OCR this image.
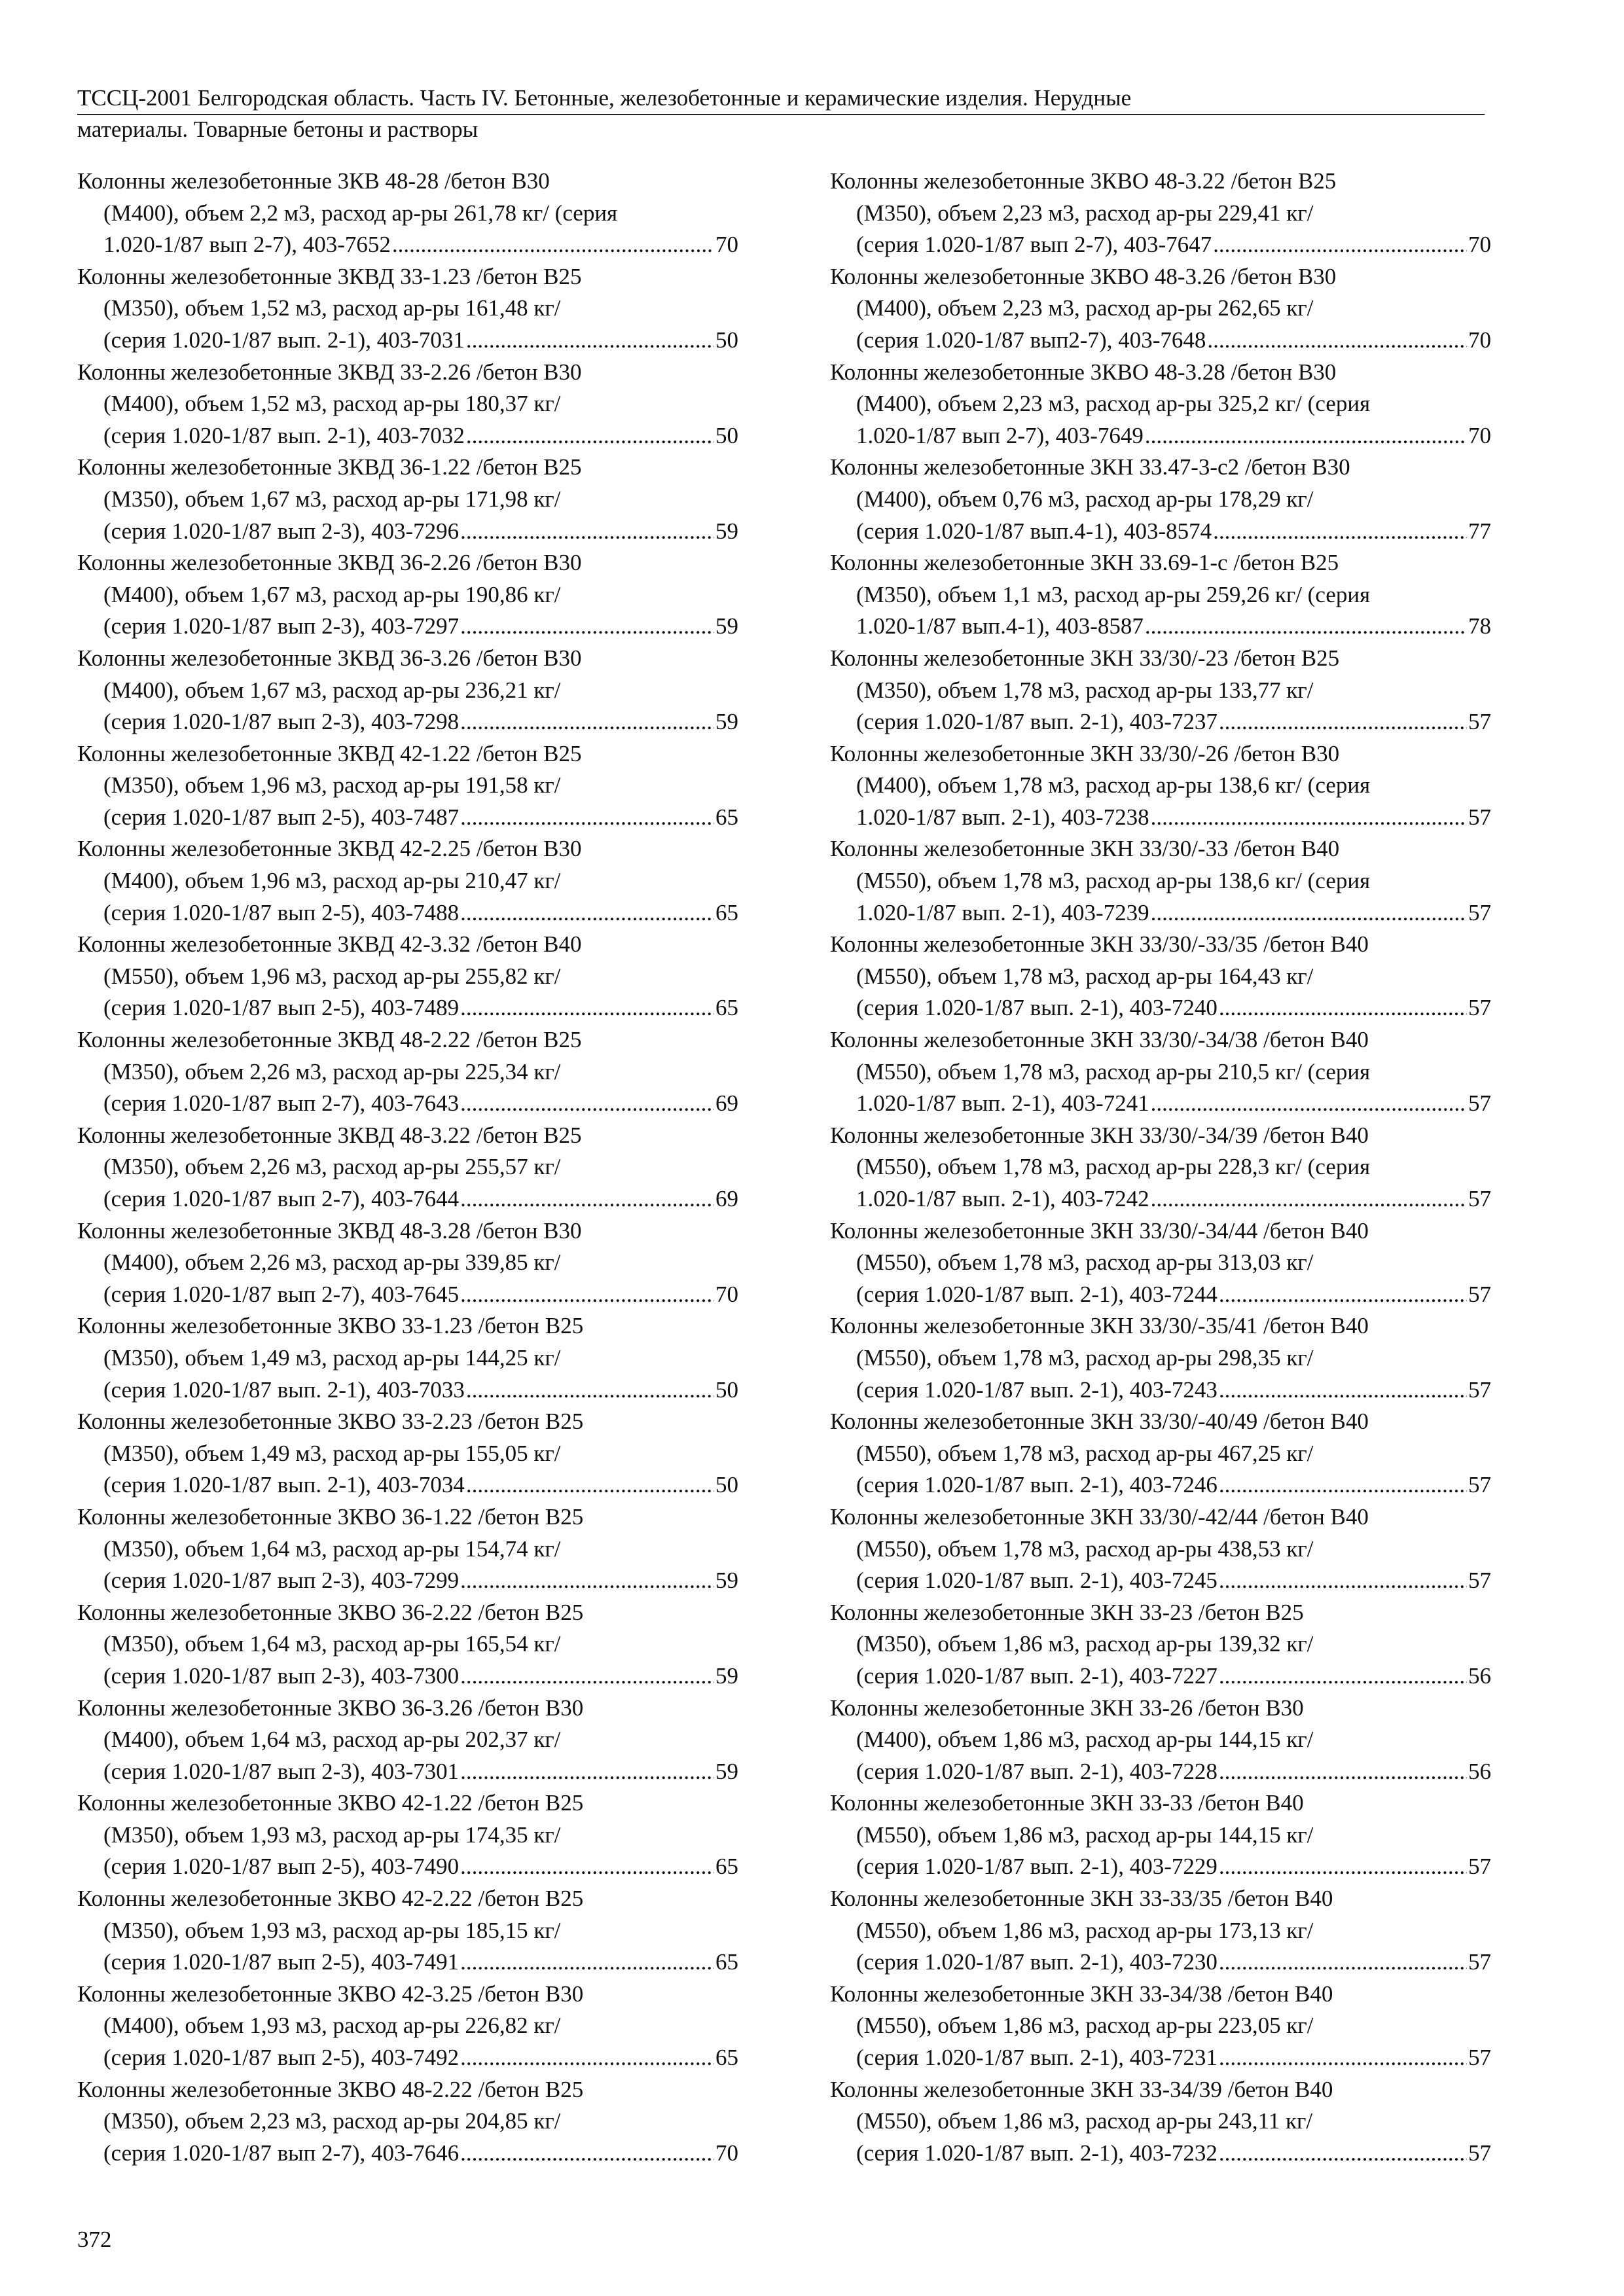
ТССЦ-2001 Белгородская область. Часть IV. Бетонные, железобетонные и керамические изделия. Нерудные
материалы. Товарные бетоны и растворы
Колонны железобетонные 3КВ 48-28 /бетон В30
(М400), объем 2,2 м3, расход ар-ры 261,78 кг/ (серия
1.020-1/87 вып 2-7), 403-7652 .....	70
Колонны железобетонные 3КВД 33-1.23 /бетон В25
(М350), объем 1,52 м3, расход ар-ры 161,48 кг/
(серия 1.020-1/87 вып. 2-1), 403-7031 .....	50
Колонны железобетонные 3КВД 33-2.26 /бетон В30
(М400), объем 1,52 м3, расход ар-ры 180,37 кг/
(серия 1.020-1/87 вып. 2-1), 403-7032 .....	50
Колонны железобетонные 3КВД 36-1.22 /бетон В25
(М350), объем 1,67 м3, расход ар-ры 171,98 кг/
(серия 1.020-1/87 вып 2-3), 403-7296 .....	59
Колонны железобетонные 3КВД 36-2.26 /бетон В30
(М400), объем 1,67 м3, расход ар-ры 190,86 кг/
(серия 1.020-1/87 вып 2-3), 403-7297 .....	59
Колонны железобетонные 3КВД 36-3.26 /бетон В30
(М400), объем 1,67 м3, расход ар-ры 236,21 кг/
(серия 1.020-1/87 вып 2-3), 403-7298 .....	59
Колонны железобетонные 3КВД 42-1.22 /бетон В25
(М350), объем 1,96 м3, расход ар-ры 191,58 кг/
(серия 1.020-1/87 вып 2-5), 403-7487 .....	65
Колонны железобетонные 3КВД 42-2.25 /бетон В30
(М400), объем 1,96 м3, расход ар-ры 210,47 кг/
(серия 1.020-1/87 вып 2-5), 403-7488 .....	65
Колонны железобетонные 3КВД 42-3.32 /бетон В40
(М550), объем 1,96 м3, расход ар-ры 255,82 кг/
(серия 1.020-1/87 вып 2-5), 403-7489 .....	65
Колонны железобетонные 3КВД 48-2.22 /бетон В25
(М350), объем 2,26 м3, расход ар-ры 225,34 кг/
(серия 1.020-1/87 вып 2-7), 403-7643 .....	69
Колонны железобетонные 3КВД 48-3.22 /бетон В25
(М350), объем 2,26 м3, расход ар-ры 255,57 кг/
(серия 1.020-1/87 вып 2-7), 403-7644 .....	69
Колонны железобетонные 3КВД 48-3.28 /бетон В30
(М400), объем 2,26 м3, расход ар-ры 339,85 кг/
(серия 1.020-1/87 вып 2-7), 403-7645 .....	70
Колонны железобетонные 3КВО 33-1.23 /бетон В25
(М350), объем 1,49 м3, расход ар-ры 144,25 кг/
(серия 1.020-1/87 вып. 2-1), 403-7033 .....	50
Колонны железобетонные 3КВО 33-2.23 /бетон В25
(М350), объем 1,49 м3, расход ар-ры 155,05 кг/
(серия 1.020-1/87 вып. 2-1), 403-7034 .....	50
Колонны железобетонные 3КВО 36-1.22 /бетон В25
(М350), объем 1,64 м3, расход ар-ры 154,74 кг/
(серия 1.020-1/87 вып 2-3), 403-7299 .....	59
Колонны железобетонные 3КВО 36-2.22 /бетон В25
(М350), объем 1,64 м3, расход ар-ры 165,54 кг/
(серия 1.020-1/87 вып 2-3), 403-7300 .....	59
Колонны железобетонные 3КВО 36-3.26 /бетон В30
(М400), объем 1,64 м3, расход ар-ры 202,37 кг/
(серия 1.020-1/87 вып 2-3), 403-7301 .....	59
Колонны железобетонные 3КВО 42-1.22 /бетон В25
(М350), объем 1,93 м3, расход ар-ры 174,35 кг/
(серия 1.020-1/87 вып 2-5), 403-7490 .....	65
Колонны железобетонные 3КВО 42-2.22 /бетон В25
(М350), объем 1,93 м3, расход ар-ры 185,15 кг/
(серия 1.020-1/87 вып 2-5), 403-7491 .....	65
Колонны железобетонные 3КВО 42-3.25 /бетон В30
(М400), объем 1,93 м3, расход ар-ры 226,82 кг/
(серия 1.020-1/87 вып 2-5), 403-7492 .....	65
Колонны железобетонные 3КВО 48-2.22 /бетон В25
(М350), объем 2,23 м3, расход ар-ры 204,85 кг/
(серия 1.020-1/87 вып 2-7), 403-7646 .....	70
Колонны железобетонные 3КВО 48-3.22 /бетон В25
(М350), объем 2,23 м3, расход ар-ры 229,41 кг/
(серия 1.020-1/87 вып 2-7), 403-7647 .....	70
Колонны железобетонные 3КВО 48-3.26 /бетон В30
(М400), объем 2,23 м3, расход ар-ры 262,65 кг/
(серия 1.020-1/87 вып2-7), 403-7648 .....	70
Колонны железобетонные 3КВО 48-3.28 /бетон В30
(М400), объем 2,23 м3, расход ар-ры 325,2 кг/ (серия
1.020-1/87 вып 2-7), 403-7649 .....	70
Колонны железобетонные 3КН 33.47-3-с2 /бетон В30
(М400), объем 0,76 м3, расход ар-ры 178,29 кг/
(серия 1.020-1/87 вып.4-1), 403-8574 .....	77
Колонны железобетонные 3КН 33.69-1-с /бетон В25
(М350), объем 1,1 м3, расход ар-ры 259,26 кг/ (серия
1.020-1/87 вып.4-1), 403-8587 .....	78
Колонны железобетонные 3КН 33/30/-23 /бетон В25
(М350), объем 1,78 м3, расход ар-ры 133,77 кг/
(серия 1.020-1/87 вып. 2-1), 403-7237 .....	57
Колонны железобетонные 3КН 33/30/-26 /бетон В30
(М400), объем 1,78 м3, расход ар-ры 138,6 кг/ (серия
1.020-1/87 вып. 2-1), 403-7238 .....	57
Колонны железобетонные 3КН 33/30/-33 /бетон В40
(М550), объем 1,78 м3, расход ар-ры 138,6 кг/ (серия
1.020-1/87 вып. 2-1), 403-7239 .....	57
Колонны железобетонные 3КН 33/30/-33/35 /бетон В40
(М550), объем 1,78 м3, расход ар-ры 164,43 кг/
(серия 1.020-1/87 вып. 2-1), 403-7240 .....	57
Колонны железобетонные 3КН 33/30/-34/38 /бетон В40
(М550), объем 1,78 м3, расход ар-ры 210,5 кг/ (серия
1.020-1/87 вып. 2-1), 403-7241 .....	57
Колонны железобетонные 3КН 33/30/-34/39 /бетон В40
(М550), объем 1,78 м3, расход ар-ры 228,3 кг/ (серия
1.020-1/87 вып. 2-1), 403-7242 .....	57
Колонны железобетонные 3КН 33/30/-34/44 /бетон В40
(М550), объем 1,78 м3, расход ар-ры 313,03 кг/
(серия 1.020-1/87 вып. 2-1), 403-7244 .....	57
Колонны железобетонные 3КН 33/30/-35/41 /бетон В40
(М550), объем 1,78 м3, расход ар-ры 298,35 кг/
(серия 1.020-1/87 вып. 2-1), 403-7243 .....	57
Колонны железобетонные 3КН 33/30/-40/49 /бетон В40
(М550), объем 1,78 м3, расход ар-ры 467,25 кг/
(серия 1.020-1/87 вып. 2-1), 403-7246 .....	57
Колонны железобетонные 3КН 33/30/-42/44 /бетон В40
(М550), объем 1,78 м3, расход ар-ры 438,53 кг/
(серия 1.020-1/87 вып. 2-1), 403-7245 .....	57
Колонны железобетонные 3КН 33-23 /бетон В25
(М350), объем 1,86 м3, расход ар-ры 139,32 кг/
(серия 1.020-1/87 вып. 2-1), 403-7227 .....	56
Колонны железобетонные 3КН 33-26 /бетон В30
(М400), объем 1,86 м3, расход ар-ры 144,15 кг/
(серия 1.020-1/87 вып. 2-1), 403-7228 .....	56
Колонны железобетонные 3КН 33-33 /бетон В40
(М550), объем 1,86 м3, расход ар-ры 144,15 кг/
(серия 1.020-1/87 вып. 2-1), 403-7229 .....	57
Колонны железобетонные 3КН 33-33/35 /бетон В40
(М550), объем 1,86 м3, расход ар-ры 173,13 кг/
(серия 1.020-1/87 вып. 2-1), 403-7230 .....	57
Колонны железобетонные 3КН 33-34/38 /бетон В40
(М550), объем 1,86 м3, расход ар-ры 223,05 кг/
(серия 1.020-1/87 вып. 2-1), 403-7231 .....	57
Колонны железобетонные 3КН 33-34/39 /бетон В40
(М550), объем 1,86 м3, расход ар-ры 243,11 кг/
(серия 1.020-1/87 вып. 2-1), 403-7232 .....	57
372
